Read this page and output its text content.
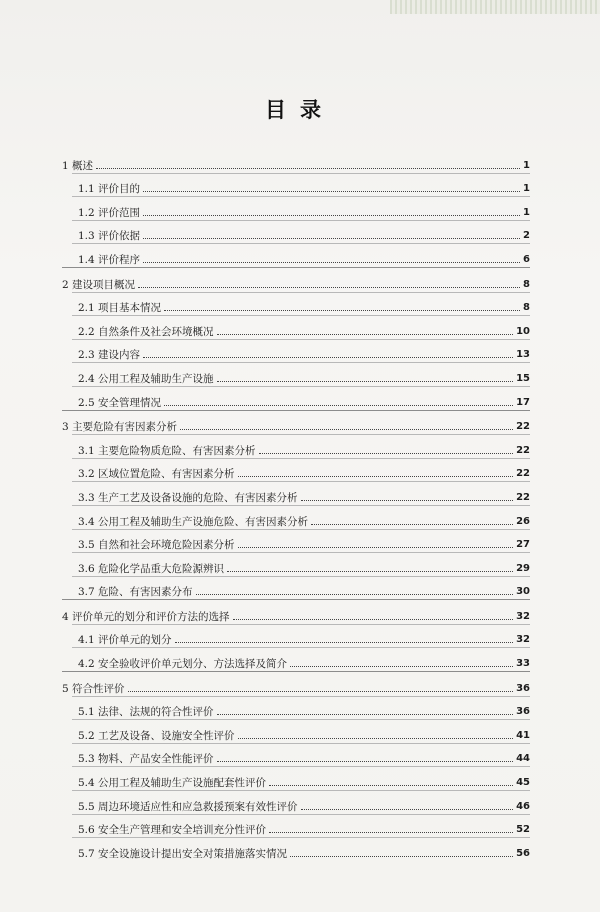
目录
1 概述	1
1.1 评价目的	1
1.2 评价范围	1
1.3 评价依据	2
1.4 评价程序	6
2 建设项目概况	8
2.1 项目基本情况	8
2.2 自然条件及社会环境概况	10
2.3 建设内容	13
2.4 公用工程及辅助生产设施	15
2.5 安全管理情况	17
3 主要危险有害因素分析	22
3.1 主要危险物质危险、有害因素分析	22
3.2 区域位置危险、有害因素分析	22
3.3 生产工艺及设备设施的危险、有害因素分析	22
3.4 公用工程及辅助生产设施危险、有害因素分析	26
3.5 自然和社会环境危险因素分析	27
3.6 危险化学品重大危险源辨识	29
3.7 危险、有害因素分布	30
4 评价单元的划分和评价方法的选择	32
4.1 评价单元的划分	32
4.2 安全验收评价单元划分、方法选择及简介	33
5 符合性评价	36
5.1 法律、法规的符合性评价	36
5.2 工艺及设备、设施安全性评价	41
5.3 物料、产品安全性能评价	44
5.4 公用工程及辅助生产设施配套性评价	45
5.5 周边环境适应性和应急救援预案有效性评价	46
5.6 安全生产管理和安全培训充分性评价	52
5.7 安全设施设计提出安全对策措施落实情况	56
